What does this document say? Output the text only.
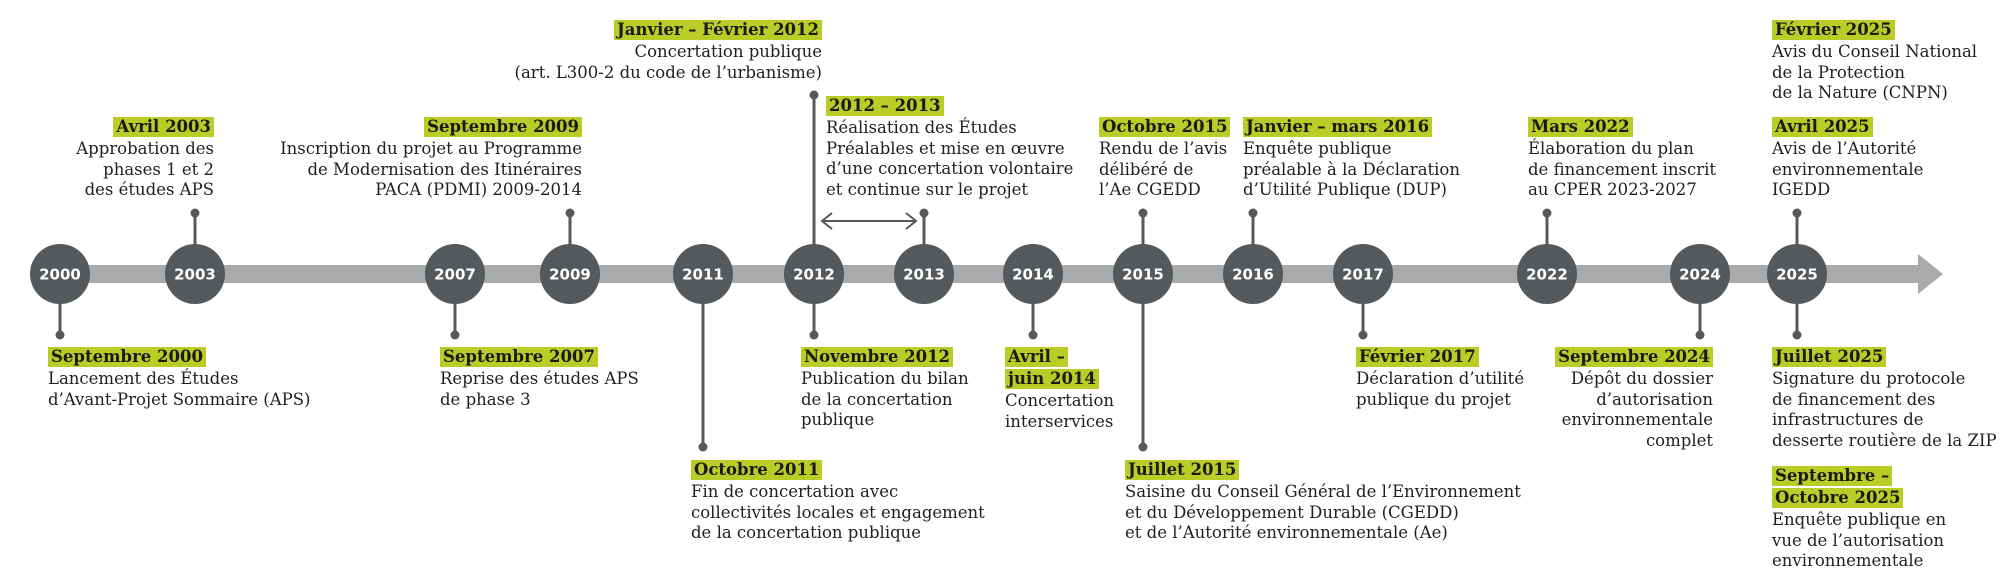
2000	2003	2007	2009	2011	2012	2013	2014	2015	2016	2017	2022	2024	2025
Septembre 2000
Lancement des Études
d’Avant-Projet Sommaire (APS)
Avril 2003
Approbation des
phases 1 et 2
des études APS
Septembre 2007
Reprise des études APS
de phase 3
Septembre 2009
Inscription du projet au Programme
de Modernisation des Itinéraires
PACA (PDMI) 2009-2014
Octobre 2011
Fin de concertation avec
collectivités locales et engagement
de la concertation publique
Janvier – Février 2012
Concertation publique
(art. L300-2 du code de l’urbanisme)
Novembre 2012
Publication du bilan
de la concertation
publique
2012 – 2013
Réalisation des Études
Préalables et mise en œuvre
d’une concertation volontaire
et continue sur le projet
Avril –
juin 2014
Concertation
interservices
Octobre 2015
Rendu de l’avis
délibéré de
l’Ae CGEDD
Juillet 2015
Saisine du Conseil Général de l’Environnement
et du Développement Durable (CGEDD)
et de l’Autorité environnementale (Ae)
Janvier – mars 2016
Enquête publique
préalable à la Déclaration
d’Utilité Publique (DUP)
Février 2017
Déclaration d’utilité
publique du projet
Mars 2022
Élaboration du plan
de financement inscrit
au CPER 2023-2027
Septembre 2024
Dépôt du dossier
d’autorisation
environnementale
complet
Février 2025
Avis du Conseil National
de la Protection
de la Nature (CNPN)
Avril 2025
Avis de l’Autorité
environnementale
IGEDD
Juillet 2025
Signature du protocole
de financement des
infrastructures de
desserte routière de la ZIP
Septembre –
Octobre 2025
Enquête publique en
vue de l’autorisation
environnementale
